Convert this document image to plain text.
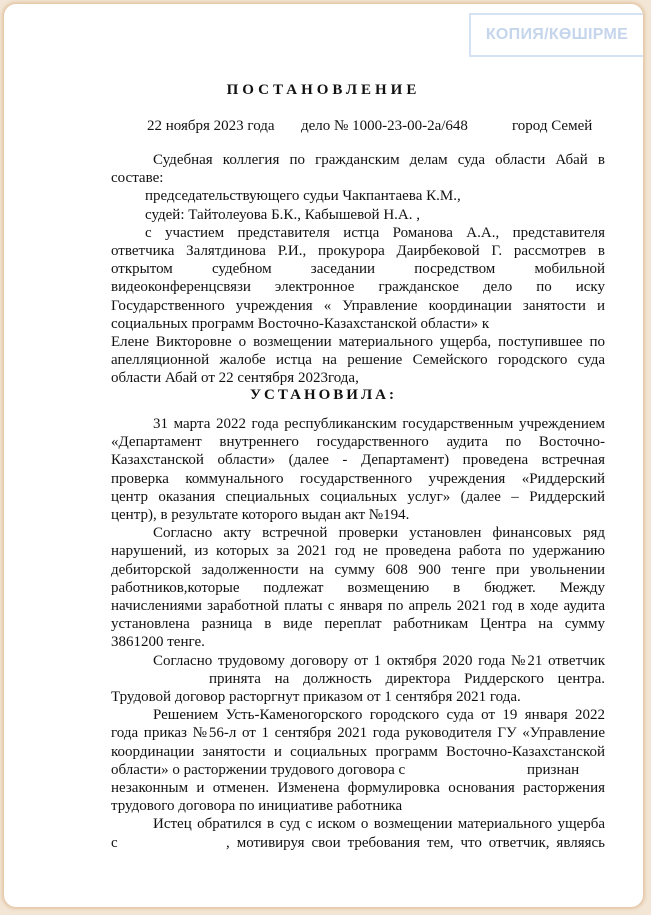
КОПИЯ/КӨШІРМЕ
ПОСТАНОВЛЕНИЕ
22 ноября 2023 года дело № 1000-23-00-2а/648	город Семей

Судебная коллегия по гражданским делам суда области Абай в

составе:

председательствующего судьи Чакпантаева К.М.,

судей: Тайтолеуова Б.К., Кабышевой Н.А. ,

с участием представителя истца Романова А.А., представителя

ответчика Залятдинова Р.И., прокурора Даирбековой Г. рассмотрев в

открытом судебном заседании посредством мобильной

видеоконференцсвязи электронное гражданское дело по иску

Государственного учреждения « Управление координации занятости и

социальных программ Восточно-Казахстанской области» к

Елене Викторовне о возмещении материального ущерба, поступившее по

апелляционной жалобе истца на решение Семейского городского суда

области Абай от 22 сентября 2023года,

УСТАНОВИЛА:

31 марта 2022 года республиканским государственным учреждением

«Департамент внутреннего государственного аудита по Восточно-

Казахстанской области» (далее - Департамент) проведена встречная

проверка коммунального государственного учреждения «Риддерский

центр оказания специальных социальных услуг» (далее – Риддерский

центр), в результате которого выдан акт №194.

Согласно акту встречной проверки установлен финансовых ряд

нарушений, из которых за 2021 год не проведена работа по удержанию

дебиторской задолженности на сумму 608 900 тенге при увольнении

работников,которые подлежат возмещению в бюджет. Между

начислениями заработной платы с января по апрель 2021 год в ходе аудита

установлена разница в виде переплат работникам Центра на сумму

3861200 тенге.

Согласно трудовому договору от 1 октября 2020 года №21 ответчик

принята на должность директора Риддерского центра.

Трудовой договор расторгнут приказом от 1 сентября 2021 года.

Решением Усть-Каменогорского городского суда от 19 января 2022

года приказ №56-л от 1 сентября 2021 года руководителя ГУ «Управление

координации занятости и социальных программ Восточно-Казахстанской

области» о расторжении трудового договора с	признан

незаконным и отменен. Изменена формулировка основания расторжения

трудового договора по инициативе работника

Истец обратился в суд с иском о возмещении материального ущерба

с	, мотивируя свои требования тем, что ответчик, являясь
